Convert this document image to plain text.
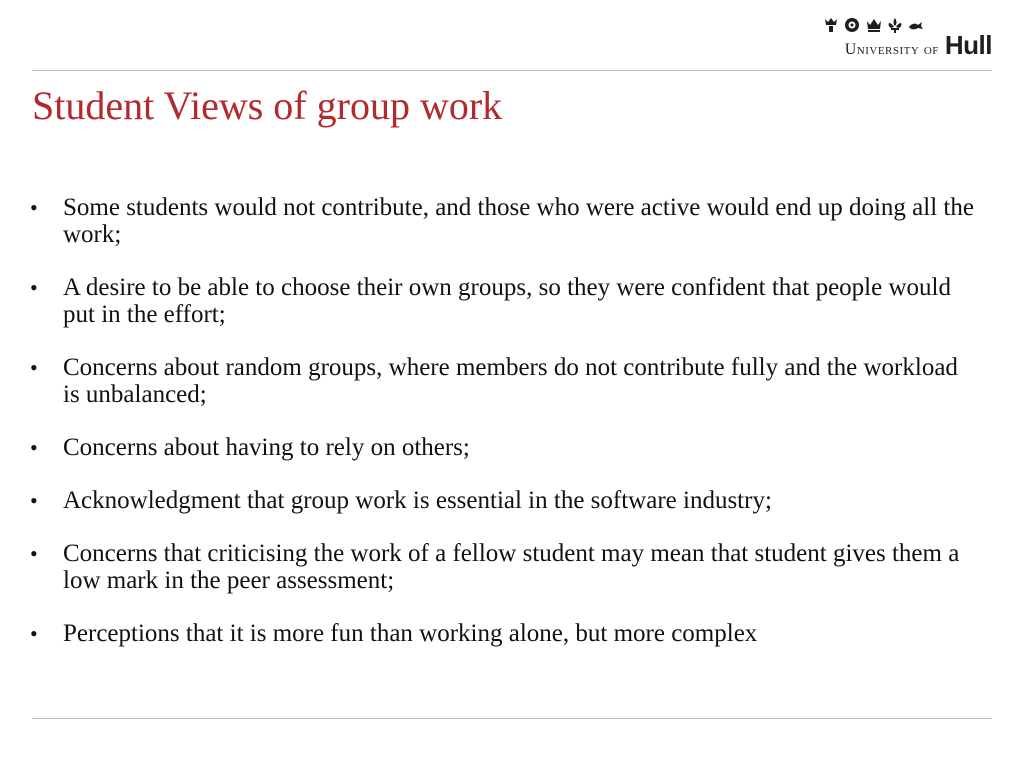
University of Hull
Student Views of group work
•	Some students would not contribute, and those who were active would end up doing all the work;
•	A desire to be able to choose their own groups, so they were confident that people would put in the effort;
•	Concerns about random groups, where members do not contribute fully and the workload is unbalanced;
•	Concerns about having to rely on others;
•	Acknowledgment that group work is essential in the software industry;
•	Concerns that criticising the work of a fellow student may mean that student gives them a low mark in the peer assessment;
•	Perceptions that it is more fun than working alone, but more complex
